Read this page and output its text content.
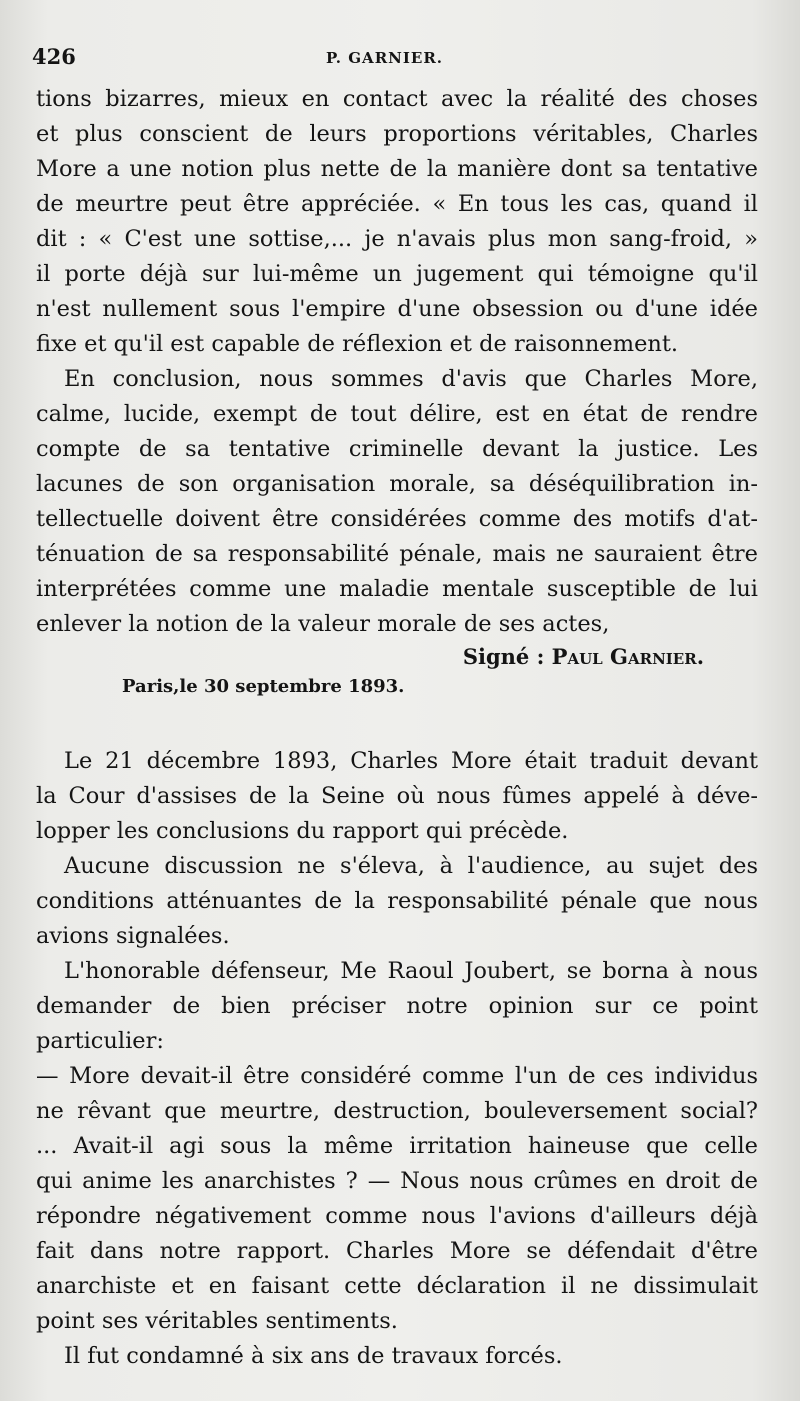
426	P. GARNIER.

tions bizarres, mieux en contact avec la réalité des choses

et plus conscient de leurs proportions véritables, Charles

More a une notion plus nette de la manière dont sa tentative

de meurtre peut être appréciée. « En tous les cas, quand il

dit : « C'est une sottise,... je n'avais plus mon sang-froid, »

il porte déjà sur lui-même un jugement qui témoigne qu'il

n'est nullement sous l'empire d'une obsession ou d'une idée

fixe et qu'il est capable de réflexion et de raisonnement.

En conclusion, nous sommes d'avis que Charles More,

calme, lucide, exempt de tout délire, est en état de rendre

compte de sa tentative criminelle devant la justice. Les

lacunes de son organisation morale, sa déséquilibration in-

tellectuelle doivent être considérées comme des motifs d'at-

ténuation de sa responsabilité pénale, mais ne sauraient être

interprétées comme une maladie mentale susceptible de lui

enlever la notion de la valeur morale de ses actes,

Signé : Paul Garnier.

Paris,le 30 septembre 1893.

Le 21 décembre 1893, Charles More était traduit devant

la Cour d'assises de la Seine où nous fûmes appelé à déve-

lopper les conclusions du rapport qui précède.

Aucune discussion ne s'éleva, à l'audience, au sujet des

conditions atténuantes de la responsabilité pénale que nous

avions signalées.

L'honorable défenseur, Me Raoul Joubert, se borna à nous

demander de bien préciser notre opinion sur ce point particulier:

— More devait-il être considéré comme l'un de ces individus

ne rêvant que meurtre, destruction, bouleversement social?

... Avait-il agi sous la même irritation haineuse que celle

qui anime les anarchistes ? — Nous nous crûmes en droit de

répondre négativement comme nous l'avions d'ailleurs déjà

fait dans notre rapport. Charles More se défendait d'être

anarchiste et en faisant cette déclaration il ne dissimulait

point ses véritables sentiments.

Il fut condamné à six ans de travaux forcés.
